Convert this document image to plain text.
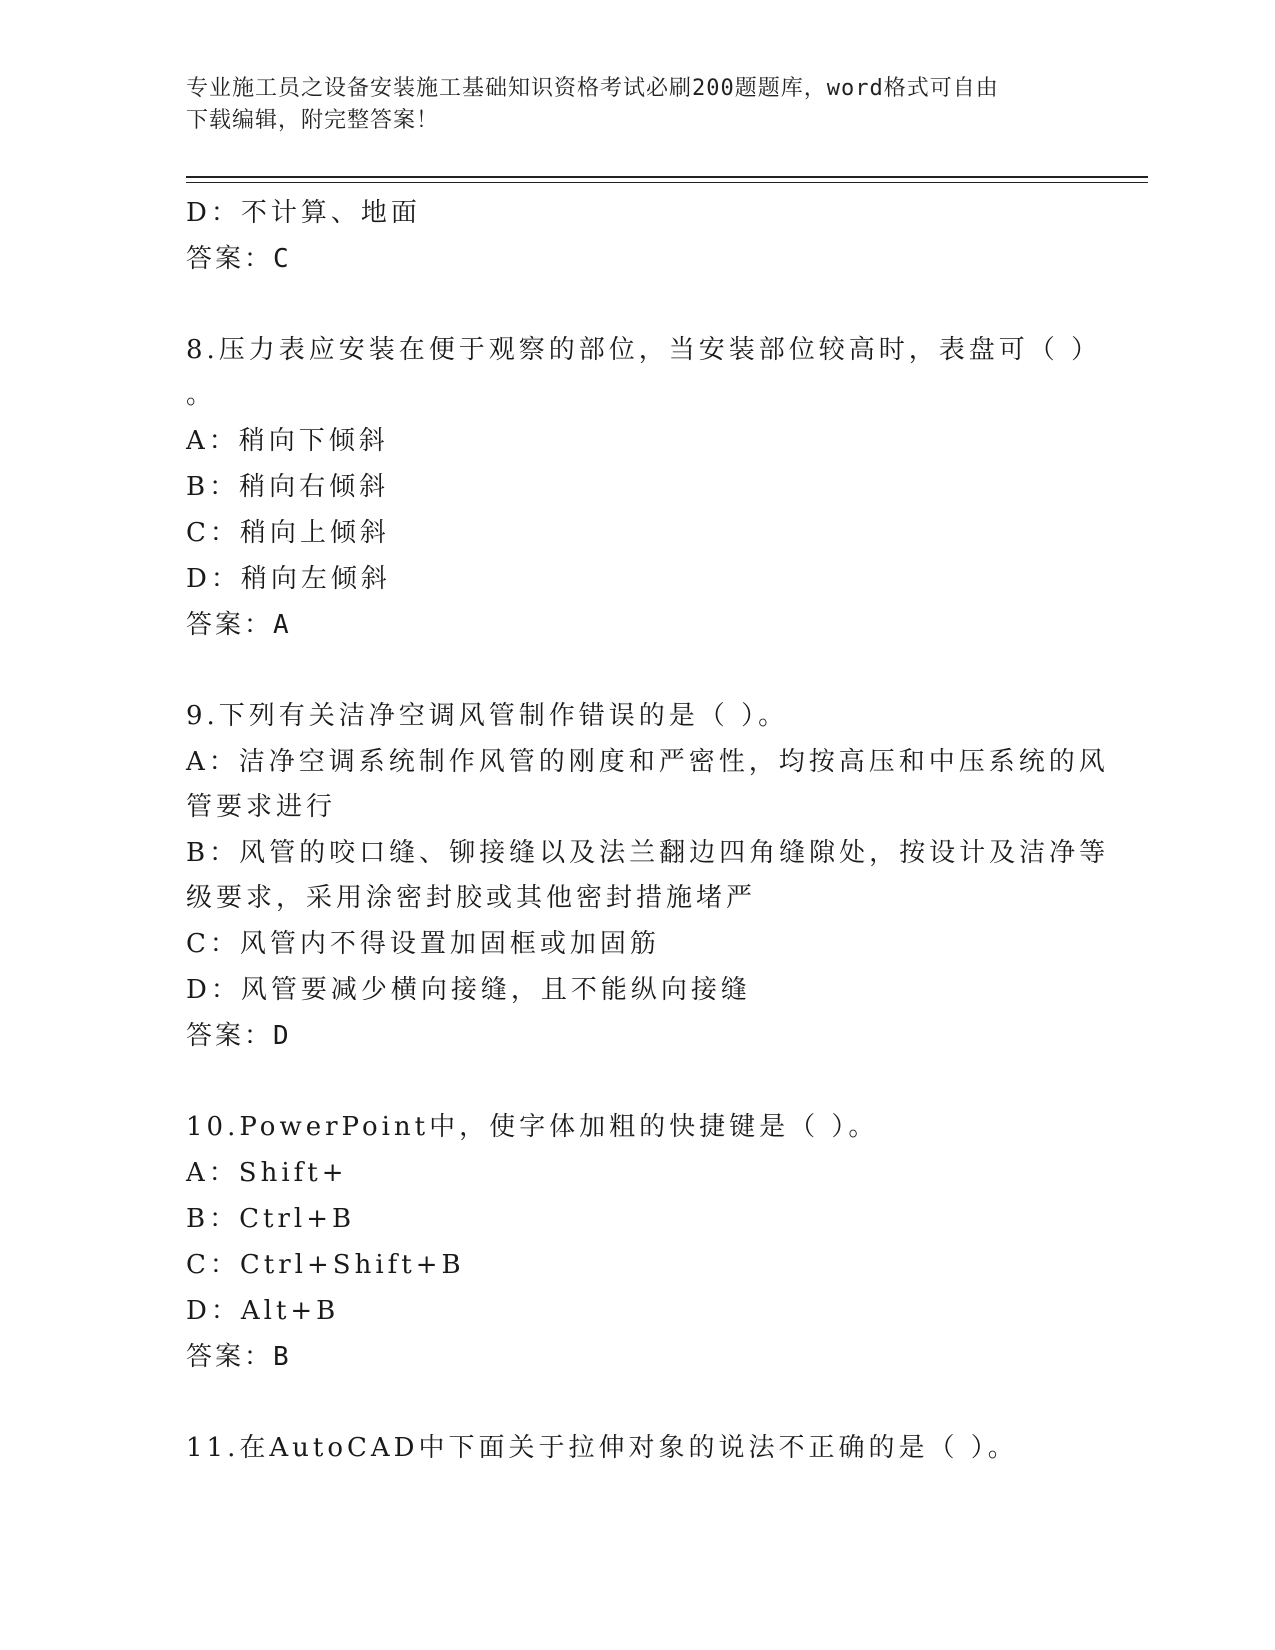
专业施工员之设备安装施工基础知识资格考试必刷200题题库，word格式可自由
下载编辑，附完整答案！
D：不计算、地面
答案：C
8.压力表应安装在便于观察的部位，当安装部位较高时，表盘可（ ）
。
A：稍向下倾斜
B：稍向右倾斜
C：稍向上倾斜
D：稍向左倾斜
答案：A
9.下列有关洁净空调风管制作错误的是（ ）。
A：洁净空调系统制作风管的刚度和严密性，均按高压和中压系统的风
管要求进行
B：风管的咬口缝、铆接缝以及法兰翻边四角缝隙处，按设计及洁净等
级要求，采用涂密封胶或其他密封措施堵严
C：风管内不得设置加固框或加固筋
D：风管要减少横向接缝，且不能纵向接缝
答案：D
10.PowerPoint中，使字体加粗的快捷键是（ ）。
A：Shift+
B：Ctrl+B
C：Ctrl+Shift+B
D：Alt+B
答案：B
11.在AutoCAD中下面关于拉伸对象的说法不正确的是（ ）。
